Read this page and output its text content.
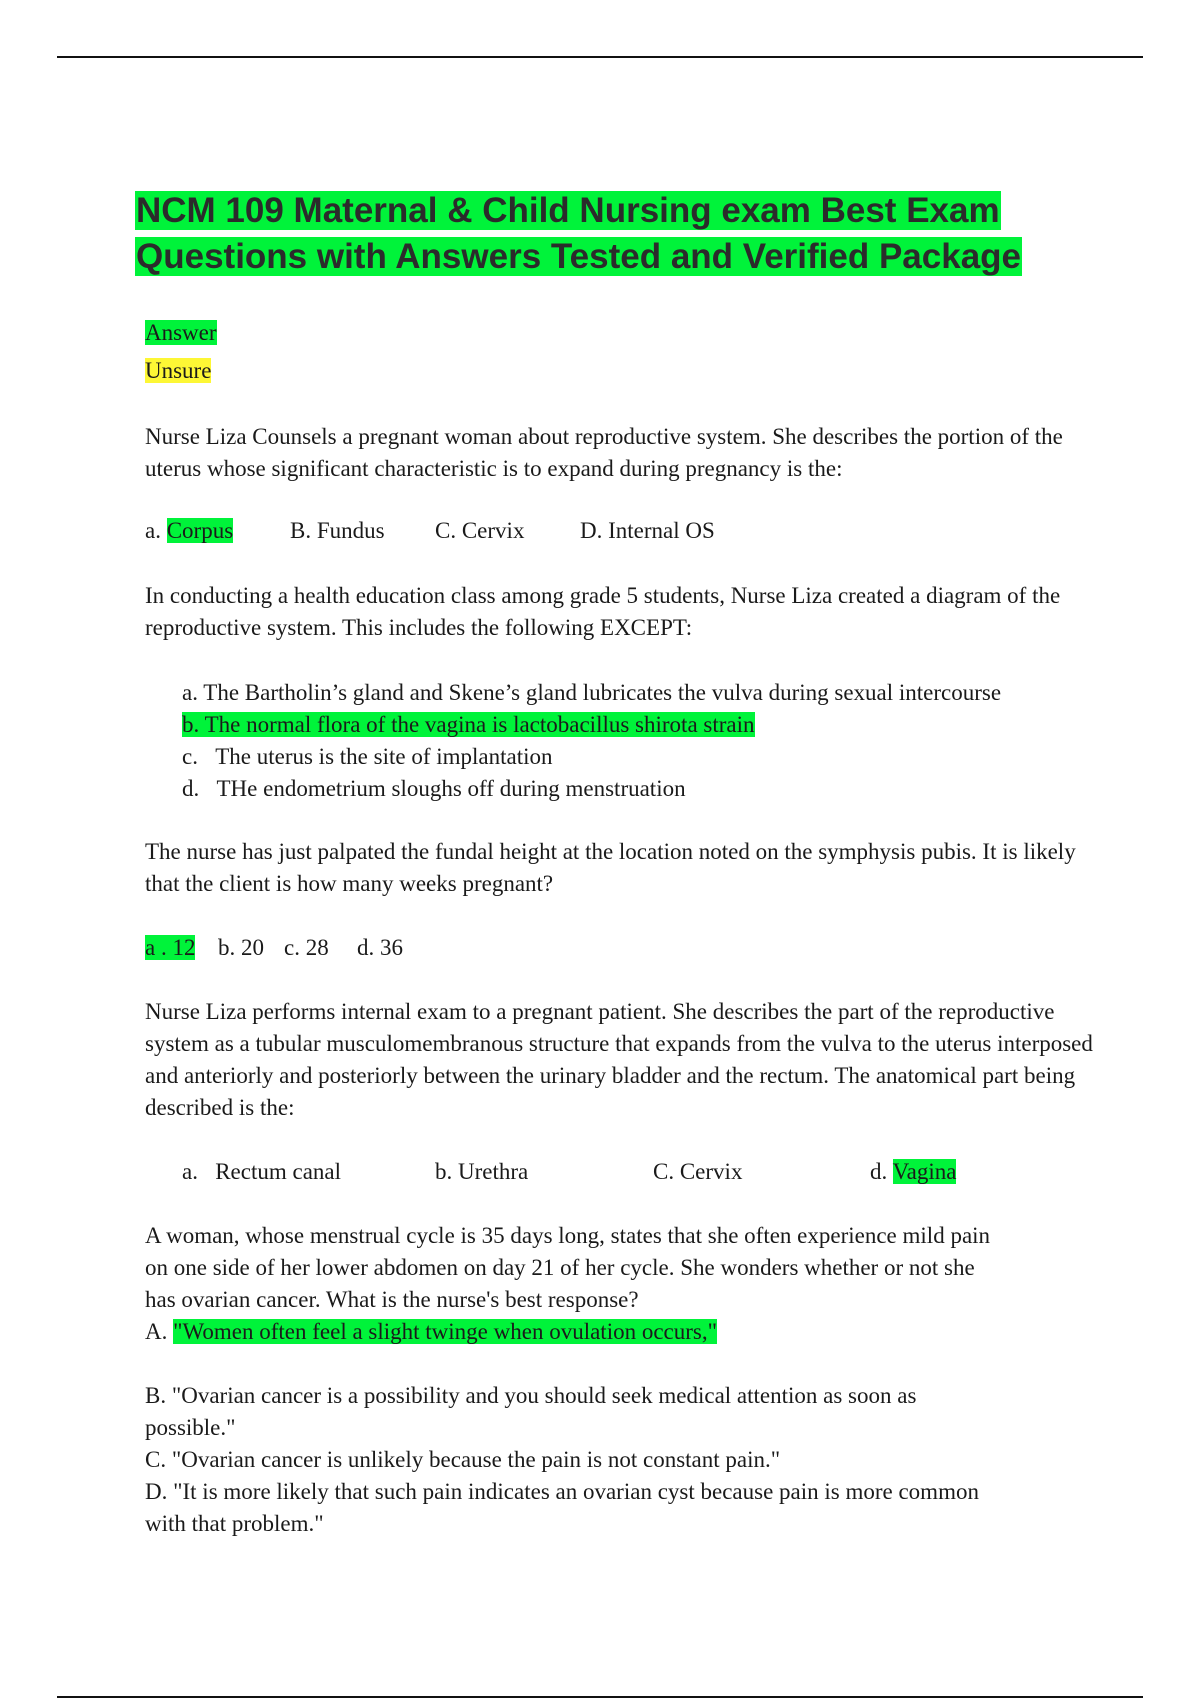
NCM 109 Maternal & Child Nursing exam Best Exam Questions with Answers Tested and Verified Package

Answer

Unsure

Nurse Liza Counsels a pregnant woman about reproductive system. She describes the portion of the uterus whose significant characteristic is to expand during pregnancy is the:

a. Corpus B. Fundus C. Cervix D. Internal OS

In conducting a health education class among grade 5 students, Nurse Liza created a diagram of the reproductive system. This includes the following EXCEPT:

a. The Bartholin’s gland and Skene’s gland lubricates the vulva during sexual intercourse

b. The normal flora of the vagina is lactobacillus shirota strain

c. The uterus is the site of implantation

d. THe endometrium sloughs off during menstruation

The nurse has just palpated the fundal height at the location noted on the symphysis pubis. It is likely that the client is how many weeks pregnant?

a . 12 b. 20 c. 28 d. 36

Nurse Liza performs internal exam to a pregnant patient. She describes the part of the reproductive system as a tubular musculomembranous structure that expands from the vulva to the uterus interposed and anteriorly and posteriorly between the urinary bladder and the rectum. The anatomical part being described is the:

a. Rectum canal	b. Urethra	C. Cervix	d. Vagina

A woman, whose menstrual cycle is 35 days long, states that she often experience mild pain on one side of her lower abdomen on day 21 of her cycle. She wonders whether or not she has ovarian cancer. What is the nurse's best response?

A. "Women often feel a slight twinge when ovulation occurs,"

B. "Ovarian cancer is a possibility and you should seek medical attention as soon as possible."

C. "Ovarian cancer is unlikely because the pain is not constant pain."

D. "It is more likely that such pain indicates an ovarian cyst because pain is more common with that problem."
